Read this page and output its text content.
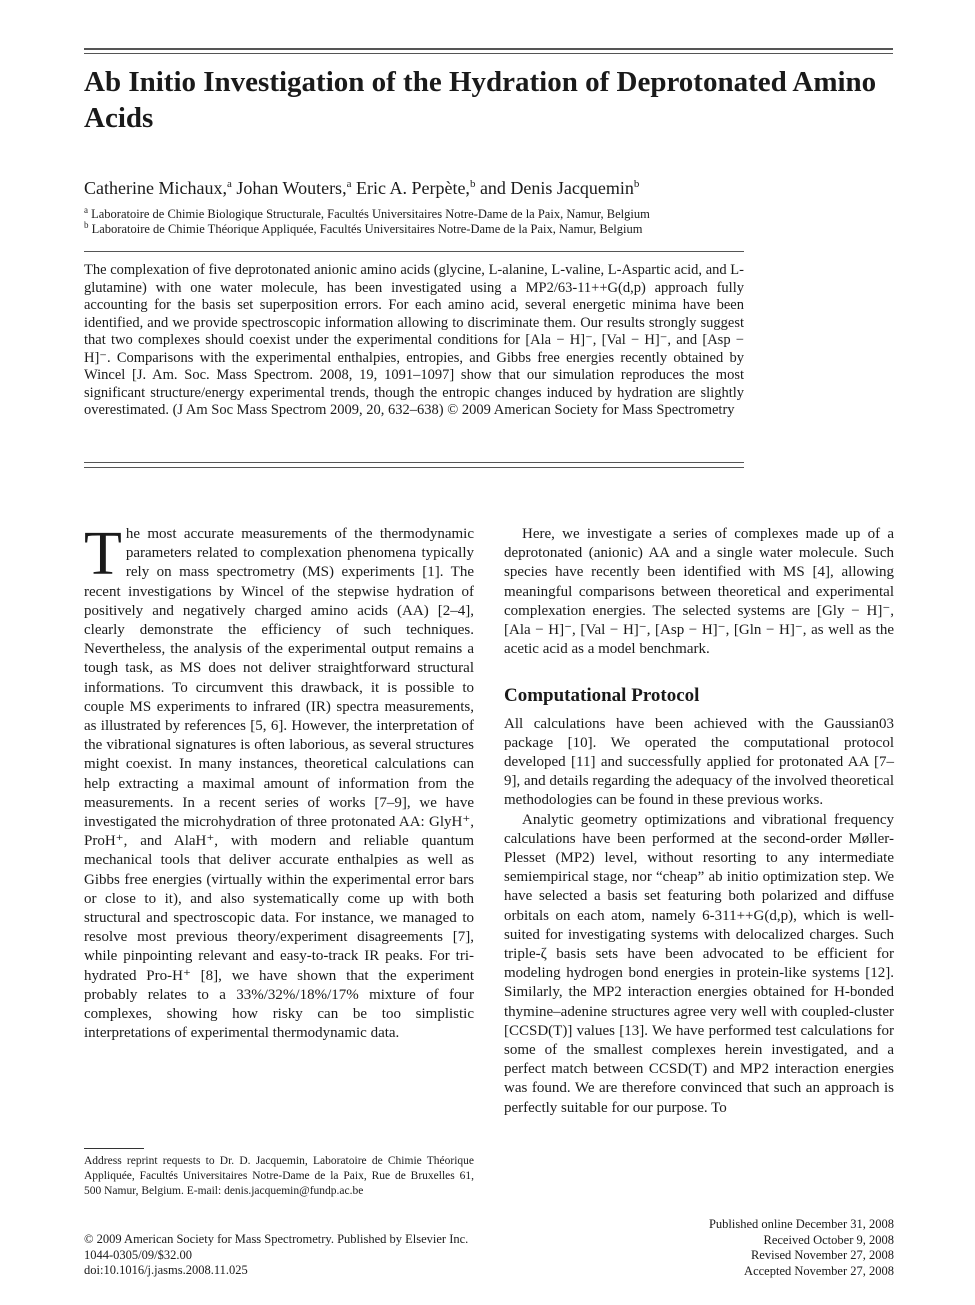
Ab Initio Investigation of the Hydration of Deprotonated Amino Acids
Catherine Michaux,$^a$ Johan Wouters,$^a$ Eric A. Perpète,$^b$ and Denis Jacquemin$^b$
$^a$ Laboratoire de Chimie Biologique Structurale, Facultés Universitaires Notre-Dame de la Paix, Namur, Belgium
$^b$ Laboratoire de Chimie Théorique Appliquée, Facultés Universitaires Notre-Dame de la Paix, Namur, Belgium

The complexation of five deprotonated anionic amino acids (glycine, L-alanine, L-valine, L-Aspartic acid, and L-glutamine) with one water molecule, has been investigated using a MP2/63-11++G(d,p) approach fully accounting for the basis set superposition errors. For each amino acid, several energetic minima have been identified, and we provide spectroscopic information allowing to discriminate them. Our results strongly suggest that two complexes should coexist under the experimental conditions for [Ala − H]⁻, [Val − H]⁻, and [Asp − H]⁻. Comparisons with the experimental enthalpies, entropies, and Gibbs free energies recently obtained by Wincel [J. Am. Soc. Mass Spectrom. 2008, 19, 1091–1097] show that our simulation reproduces the most significant structure/energy experimental trends, though the entropic changes induced by hydration are slightly overestimated. (J Am Soc Mass Spectrom 2009, 20, 632–638) © 2009 American Society for Mass Spectrometry

The most accurate measurements of the thermodynamic parameters related to complexation phenomena typically rely on mass spectrometry (MS) experiments [1]. The recent investigations by Wincel of the stepwise hydration of positively and negatively charged amino acids (AA) [2–4], clearly demonstrate the efficiency of such techniques. Nevertheless, the analysis of the experimental output remains a tough task, as MS does not deliver straightforward structural informations. To circumvent this drawback, it is possible to couple MS experiments to infrared (IR) spectra measurements, as illustrated by references [5, 6]. However, the interpretation of the vibrational signatures is often laborious, as several structures might coexist. In many instances, theoretical calculations can help extracting a maximal amount of information from the measurements. In a recent series of works [7–9], we have investigated the microhydration of three protonated AA: GlyH⁺, ProH⁺, and AlaH⁺, with modern and reliable quantum mechanical tools that deliver accurate enthalpies as well as Gibbs free energies (virtually within the experimental error bars or close to it), and also systematically come up with both structural and spectroscopic data. For instance, we managed to resolve most previous theory/experiment disagreements [7], while pinpointing relevant and easy-to-track IR peaks. For tri-hydrated Pro-H⁺ [8], we have shown that the experiment probably relates to a 33%/32%/18%/17% mixture of four complexes, showing how risky can be too simplistic interpretations of experimental thermodynamic data.

Here, we investigate a series of complexes made up of a deprotonated (anionic) AA and a single water molecule. Such species have recently been identified with MS [4], allowing meaningful comparisons between theoretical and experimental complexation energies. The selected systems are [Gly − H]⁻, [Ala − H]⁻, [Val − H]⁻, [Asp − H]⁻, [Gln − H]⁻, as well as the acetic acid as a model benchmark.

Computational Protocol

All calculations have been achieved with the Gaussian03 package [10]. We operated the computational protocol developed [11] and successfully applied for protonated AA [7–9], and details regarding the adequacy of the involved theoretical methodologies can be found in these previous works.

Analytic geometry optimizations and vibrational frequency calculations have been performed at the second-order Møller-Plesset (MP2) level, without resorting to any intermediate semiempirical stage, nor “cheap” ab initio optimization step. We have selected a basis set featuring both polarized and diffuse orbitals on each atom, namely 6-311++G(d,p), which is well-suited for investigating systems with delocalized charges. Such triple-ζ basis sets have been advocated to be efficient for modeling hydrogen bond energies in protein-like systems [12]. Similarly, the MP2 interaction energies obtained for H-bonded thymine–adenine structures agree very well with coupled-cluster [CCSD(T)] values [13]. We have performed test calculations for some of the smallest complexes herein investigated, and a perfect match between CCSD(T) and MP2 interaction energies was found. We are therefore convinced that such an approach is perfectly suitable for our purpose. To

Address reprint requests to Dr. D. Jacquemin, Laboratoire de Chimie Théorique Appliquée, Facultés Universitaires Notre-Dame de la Paix, Rue de Bruxelles 61, 500 Namur, Belgium. E-mail: denis.jacquemin@fundp.ac.be

© 2009 American Society for Mass Spectrometry. Published by Elsevier Inc.
1044-0305/09/$32.00
doi:10.1016/j.jasms.2008.11.025
Published online December 31, 2008
Received October 9, 2008
Revised November 27, 2008
Accepted November 27, 2008
